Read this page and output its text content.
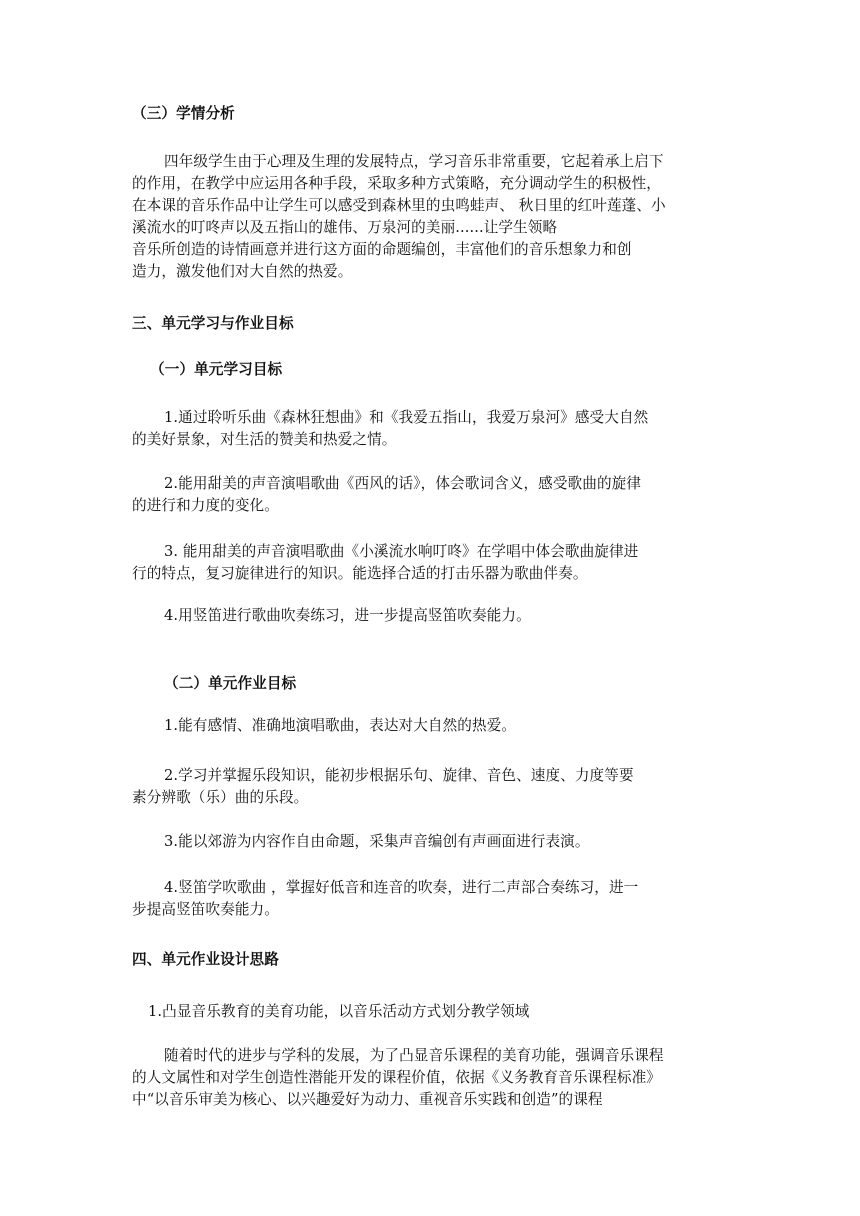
（三）学情分析
四年级学生由于心理及生理的发展特点，学习音乐非常重要，它起着承上启下
的作用，在教学中应运用各种手段，采取多种方式策略，充分调动学生的积极性，
在本课的音乐作品中让学生可以感受到森林里的虫鸣蛙声、 秋日里的红叶莲蓬、小
溪流水的叮咚声以及五指山的雄伟、万泉河的美丽......让学生领略
音乐所创造的诗情画意并进行这方面的命题编创，丰富他们的音乐想象力和创
造力，激发他们对大自然的热爱。
三、单元学习与作业目标
（一）单元学习目标
1.通过聆听乐曲《森林狂想曲》和《我爱五指山，我爱万泉河》感受大自然
的美好景象，对生活的赞美和热爱之情。
2.能用甜美的声音演唱歌曲《西风的话》，体会歌词含义，感受歌曲的旋律
的进行和力度的变化。
3. 能用甜美的声音演唱歌曲《小溪流水响叮咚》在学唱中体会歌曲旋律进
行的特点，复习旋律进行的知识。能选择合适的打击乐器为歌曲伴奏。
4.用竖笛进行歌曲吹奏练习，进一步提高竖笛吹奏能力。
（二）单元作业目标
1.能有感情、准确地演唱歌曲，表达对大自然的热爱。
2.学习并掌握乐段知识，能初步根据乐句、旋律、音色、速度、力度等要
素分辨歌（乐）曲的乐段。
3.能以郊游为内容作自由命题，采集声音编创有声画面进行表演。
4.竖笛学吹歌曲 ，掌握好低音和连音的吹奏，进行二声部合奏练习，进一
步提高竖笛吹奏能力。
四、单元作业设计思路
1.凸显音乐教育的美育功能，以音乐活动方式划分教学领域
随着时代的进步与学科的发展，为了凸显音乐课程的美育功能，强调音乐课程
的人文属性和对学生创造性潜能开发的课程价值，依据《义务教育音乐课程标准》
中“以音乐审美为核心、以兴趣爱好为动力、重视音乐实践和创造”的课程
